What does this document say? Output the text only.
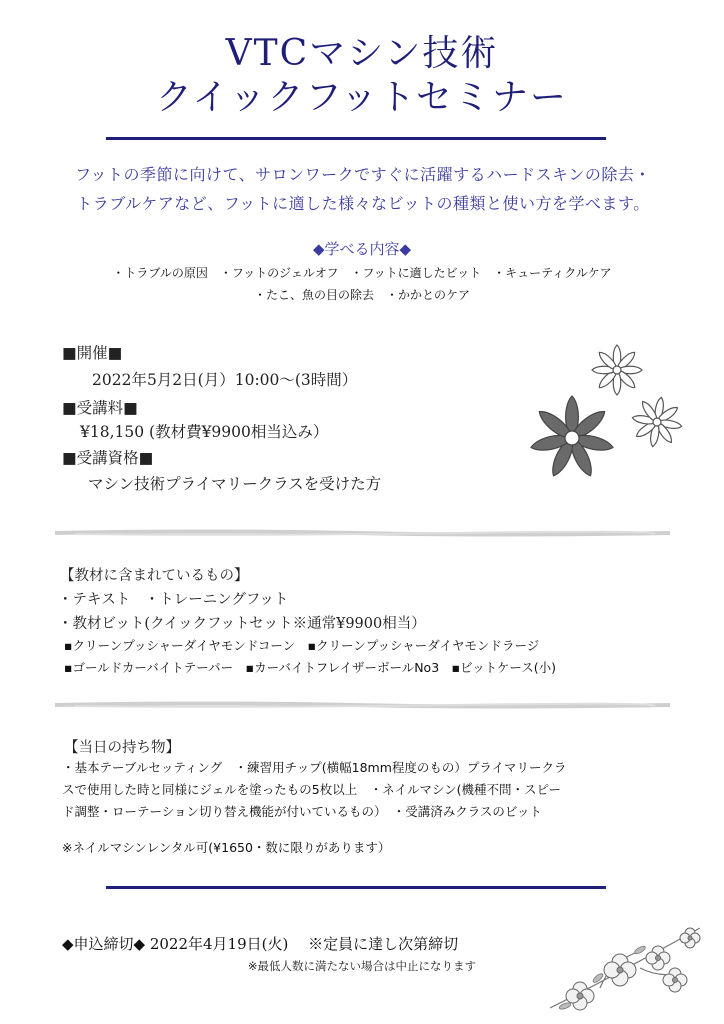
VTCマシン技術
クイックフットセミナー
フットの季節に向けて、サロンワークですぐに活躍するハードスキンの除去・
トラブルケアなど、フットに適した様々なビットの種類と使い方を学べます。
◆学べる内容◆
・トラブルの原因　・フットのジェルオフ　・フットに適したビット　・キューティクルケア
・たこ、魚の目の除去　・かかとのケア
■開催■
2022年5月2日(月）10:00～(3時間）
■受講料■
¥18,150 (教材費¥9900相当込み）
■受講資格■
マシン技術プライマリークラスを受けた方
【教材に含まれているもの】
・テキスト　・トレーニングフット
・教材ビット(クイックフットセット※通常¥9900相当）
▪クリーンプッシャーダイヤモンドコーン　▪クリーンプッシャーダイヤモンドラージ
▪ゴールドカーバイトテーパー　▪カーバイトフレイザーボールNo3　▪ビットケース(小)
【当日の持ち物】
・基本テーブルセッティング　・練習用チップ(横幅18mm程度のもの）プライマリークラ
スで使用した時と同様にジェルを塗ったもの5枚以上　・ネイルマシン(機種不問・スピー
ド調整・ローテーション切り替え機能が付いているもの）　・受講済みクラスのビット
※ネイルマシンレンタル可(¥1650・数に限りがあります）
◆申込締切◆ 2022年4月19日(火)　 ※定員に達し次第締切
※最低人数に満たない場合は中止になります
